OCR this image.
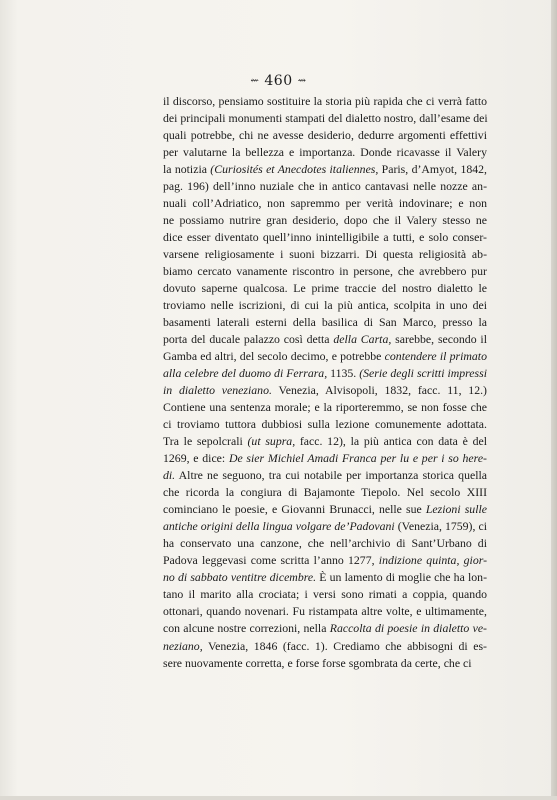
⇜ 460 ⇝
il discorso, pensiamo sostituire la storia più rapida che ci verrà fatto
dei principali monumenti stampati del dialetto nostro, dall’esame dei
quali potrebbe, chi ne avesse desiderio, dedurre argomenti effettivi
per valutarne la bellezza e importanza. Donde ricavasse il Valery
la notizia (Curiosités et Anecdotes italiennes, Paris, d’Amyot, 1842,
pag. 196) dell’inno nuziale che in antico cantavasi nelle nozze an-
nuali coll’Adriatico, non sapremmo per verità indovinare; e non
ne possiamo nutrire gran desiderio, dopo che il Valery stesso ne
dice esser diventato quell’inno inintelligibile a tutti, e solo conser-
varsene religiosamente i suoni bizzarri. Di questa religiosità ab-
biamo cercato vanamente riscontro in persone, che avrebbero pur
dovuto saperne qualcosa. Le prime traccie del nostro dialetto le
troviamo nelle iscrizioni, di cui la più antica, scolpita in uno dei
basamenti laterali esterni della basilica di San Marco, presso la
porta del ducale palazzo così detta della Carta, sarebbe, secondo il
Gamba ed altri, del secolo decimo, e potrebbe contendere il primato
alla celebre del duomo di Ferrara, 1135. (Serie degli scritti impressi
in dialetto veneziano. Venezia, Alvisopoli, 1832, facc. 11, 12.)
Contiene una sentenza morale; e la riporteremmo, se non fosse che
ci troviamo tuttora dubbiosi sulla lezione comunemente adottata.
Tra le sepolcrali (ut supra, facc. 12), la più antica con data è del
1269, e dice: De sier Michiel Amadi Franca per lu e per i so here-
di. Altre ne seguono, tra cui notabile per importanza storica quella
che ricorda la congiura di Bajamonte Tiepolo. Nel secolo XIII
cominciano le poesie, e Giovanni Brunacci, nelle sue Lezioni sulle
antiche origini della lingua volgare de’Padovani (Venezia, 1759), ci
ha conservato una canzone, che nell’archivio di Sant’Urbano di
Padova leggevasi come scritta l’anno 1277, indizione quinta, gior-
no di sabbato ventitre dicembre. È un lamento di moglie che ha lon-
tano il marito alla crociata; i versi sono rimati a coppia, quando
ottonari, quando novenari. Fu ristampata altre volte, e ultimamente,
con alcune nostre correzioni, nella Raccolta di poesie in dialetto ve-
neziano, Venezia, 1846 (facc. 1). Crediamo che abbisogni di es-
sere nuovamente corretta, e forse forse sgombrata da certe, che ci
